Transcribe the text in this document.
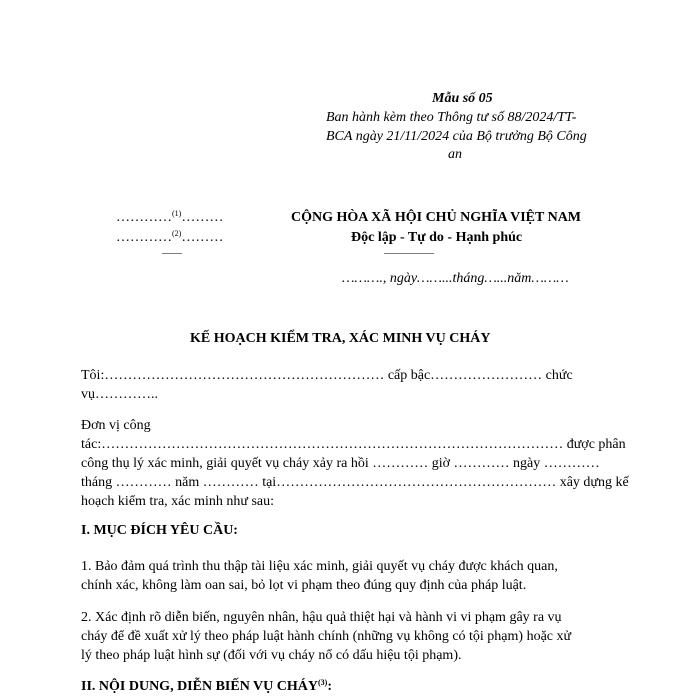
Mẫu số 05
Ban hành kèm theo Thông tư số 88/2024/TT-
BCA ngày 21/11/2024 của Bộ trưởng Bộ Công
an
…………$^{(1)}$………
…………$^{(2)}$………
——
CỘNG HÒA XÃ HỘI CHỦ NGHĨA VIỆT NAM
Độc lập - Tự do - Hạnh phúc
—————
………., ngày……...tháng…...năm………
KẾ HOẠCH KIỂM TRA, XÁC MINH VỤ CHÁY
Tôi:…………………………………………………… cấp bậc…………………… chức
vụ…………..
Đơn vị công
tác:……………………………………………………………………………………… được phân
công thụ lý xác minh, giải quyết vụ cháy xảy ra hồi ………… giờ ………… ngày …………
tháng ………… năm ………… tại…………………………………………………… xây dựng kế
hoạch kiểm tra, xác minh như sau:
I. MỤC ĐÍCH YÊU CẦU:
1. Bảo đảm quá trình thu thập tài liệu xác minh, giải quyết vụ cháy được khách quan,
chính xác, không làm oan sai, bỏ lọt vi phạm theo đúng quy định của pháp luật.
2. Xác định rõ diễn biến, nguyên nhân, hậu quả thiệt hại và hành vi vi phạm gây ra vụ
cháy để đề xuất xử lý theo pháp luật hành chính (những vụ không có tội phạm) hoặc xử
lý theo pháp luật hình sự (đối với vụ cháy nổ có dấu hiệu tội phạm).
II. NỘI DUNG, DIỄN BIẾN VỤ CHÁY$^{(3)}$:
